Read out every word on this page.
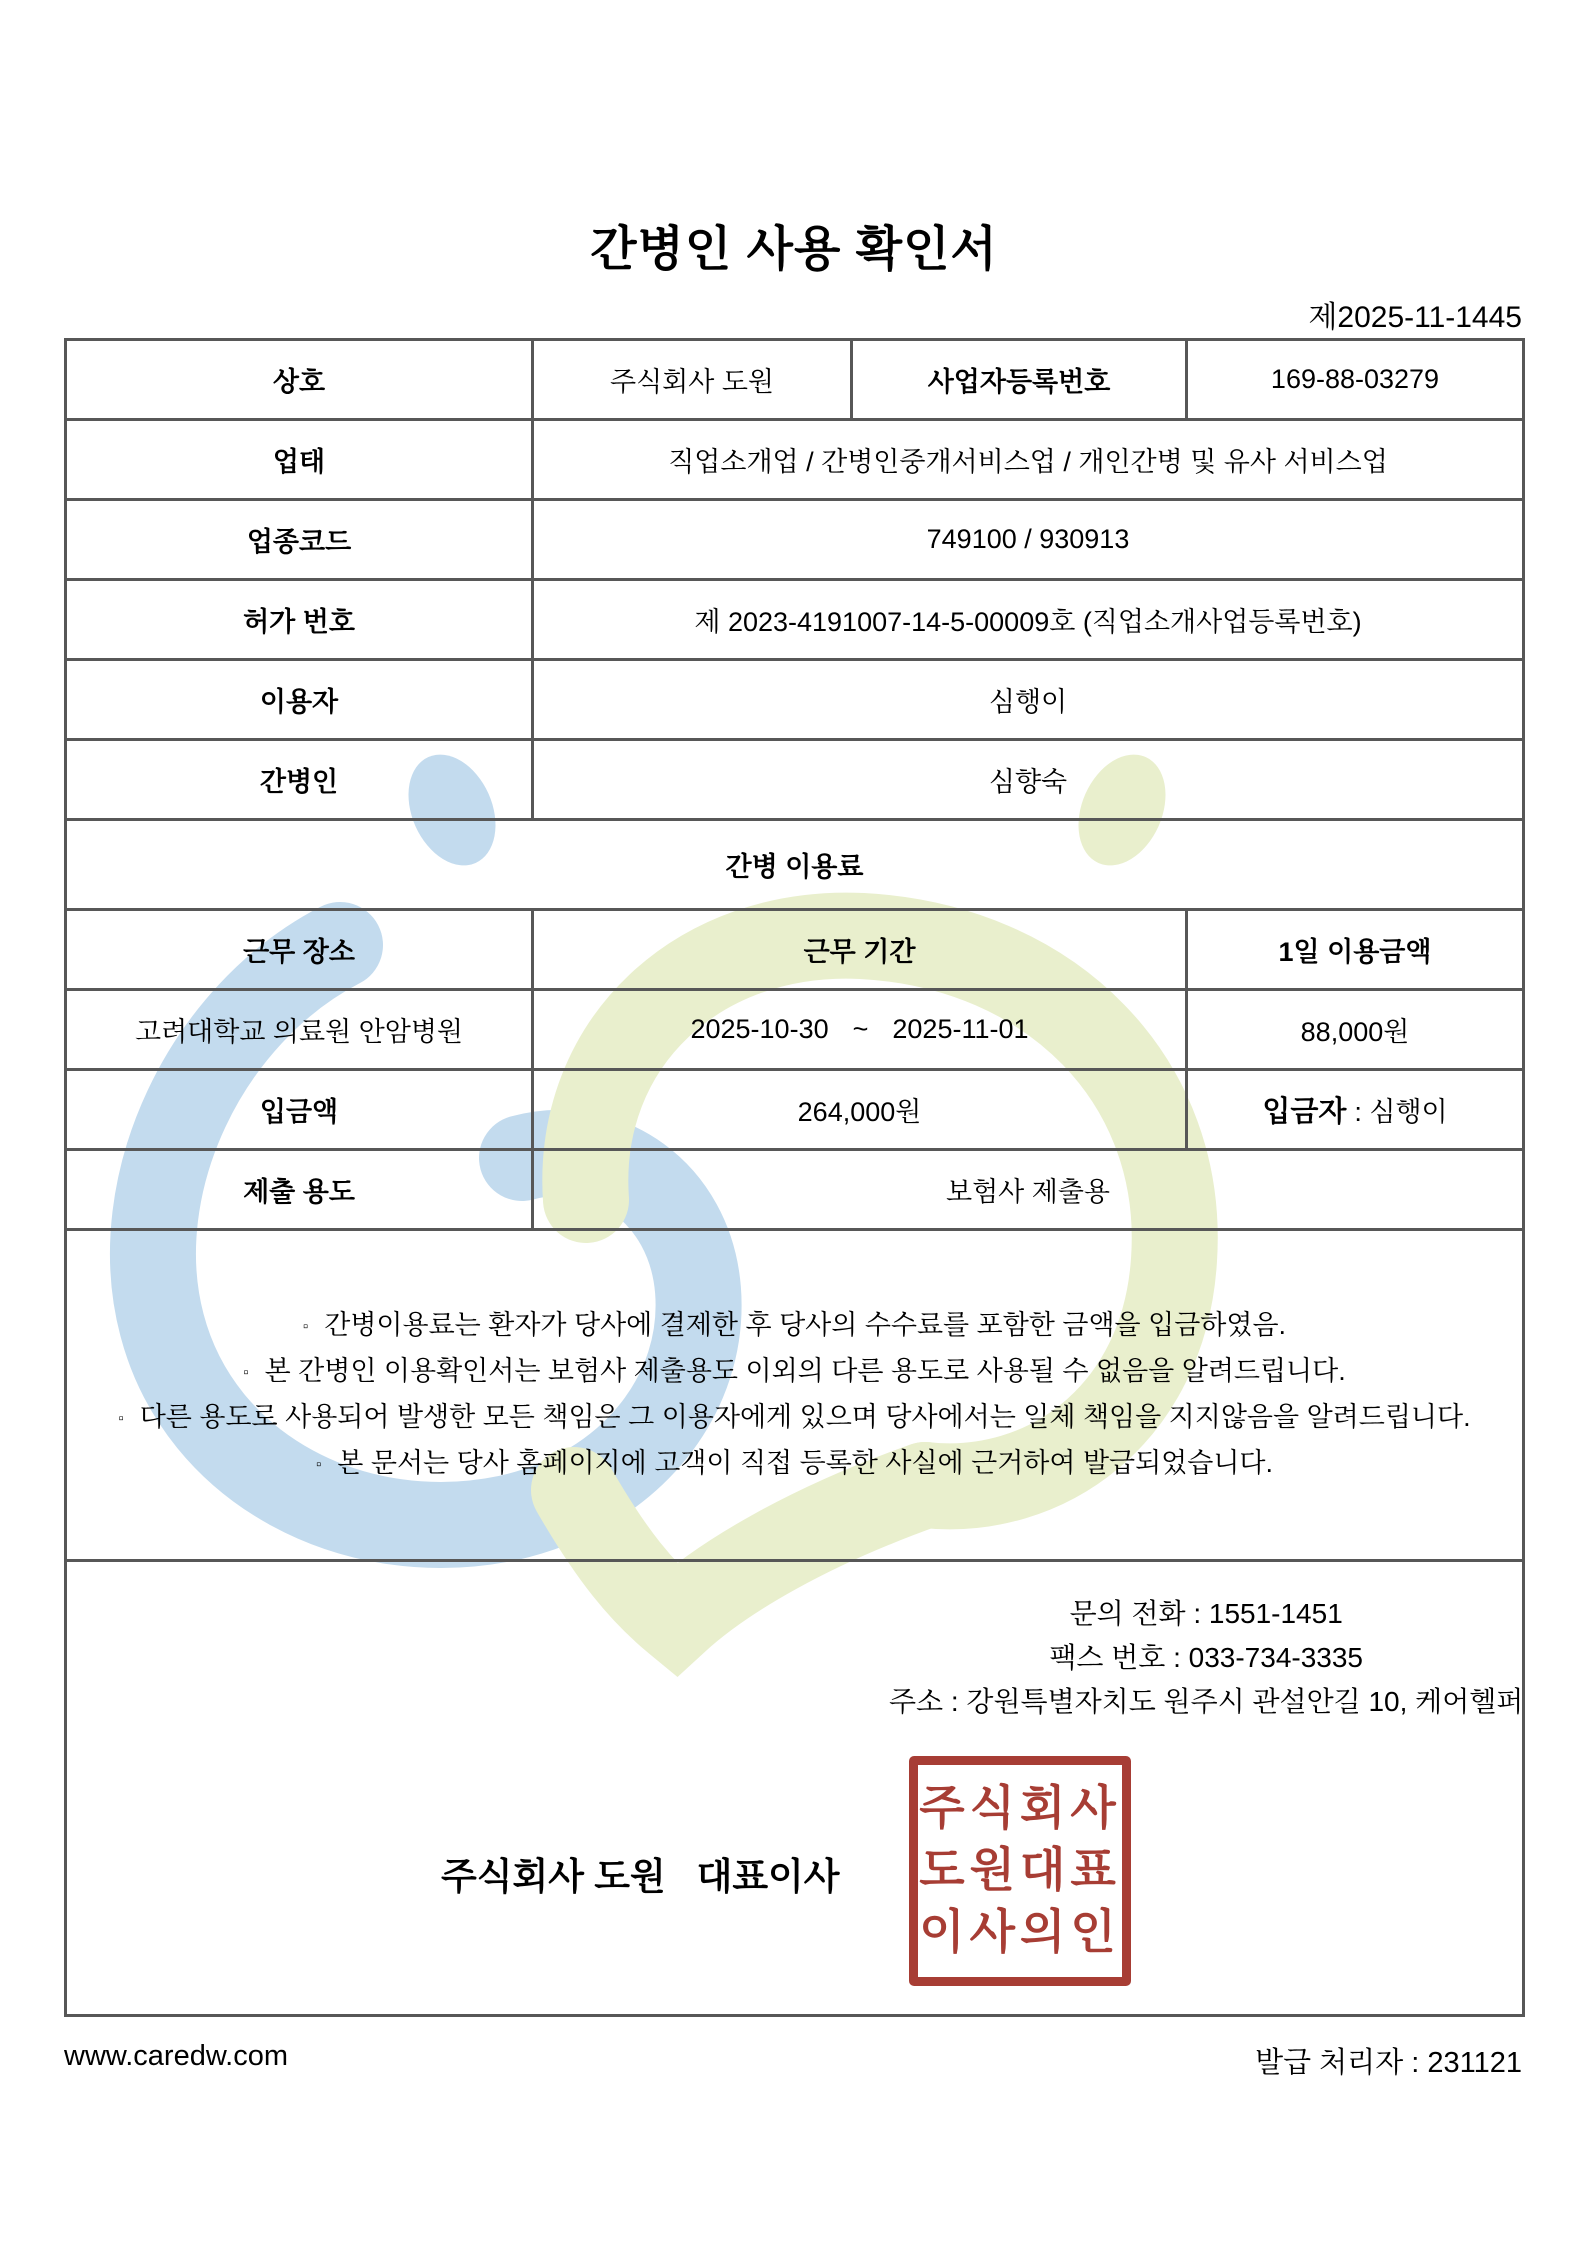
간병인 사용 확인서
제2025-11-1445
상호	주식회사 도원	사업자등록번호	169-88-03279
업태	직업소개업 / 간병인중개서비스업 / 개인간병 및 유사 서비스업		
업종코드	749100 / 930913		
허가 번호	제 2023-4191007-14-5-00009호 (직업소개사업등록번호)		
이용자	심행이		
간병인	심향숙		
간병 이용료			
근무 장소	근무 기간		1일 이용금액
고려대학교 의료원 안암병원	2025-10-30 ~ 2025-11-01		88,000원
입금액	264,000원		입금자 : 심행이
제출 용도	보험사 제출용		

▫ 간병이용료는 환자가 당사에 결제한 후 당사의 수수료를 포함한 금액을 입금하였음.
▫ 본 간병인 이용확인서는 보험사 제출용도 이외의 다른 용도로 사용될 수 없음을 알려드립니다.
▫ 다른 용도로 사용되어 발생한 모든 책임은 그 이용자에게 있으며 당사에서는 일체 책임을 지지않음을 알려드립니다.
▫ 본 문서는 당사 홈페이지에 고객이 직접 등록한 사실에 근거하여 발급되었습니다.			

문의 전화 : 1551-1451
팩스 번호 : 033-734-3335
주소 : 강원특별자치도 원주시 관설안길 10, 케어헬퍼
주식회사 도원   대표이사
주식회사
도원대표
이사의인
www.caredw.com	발급 처리자 : 231121
